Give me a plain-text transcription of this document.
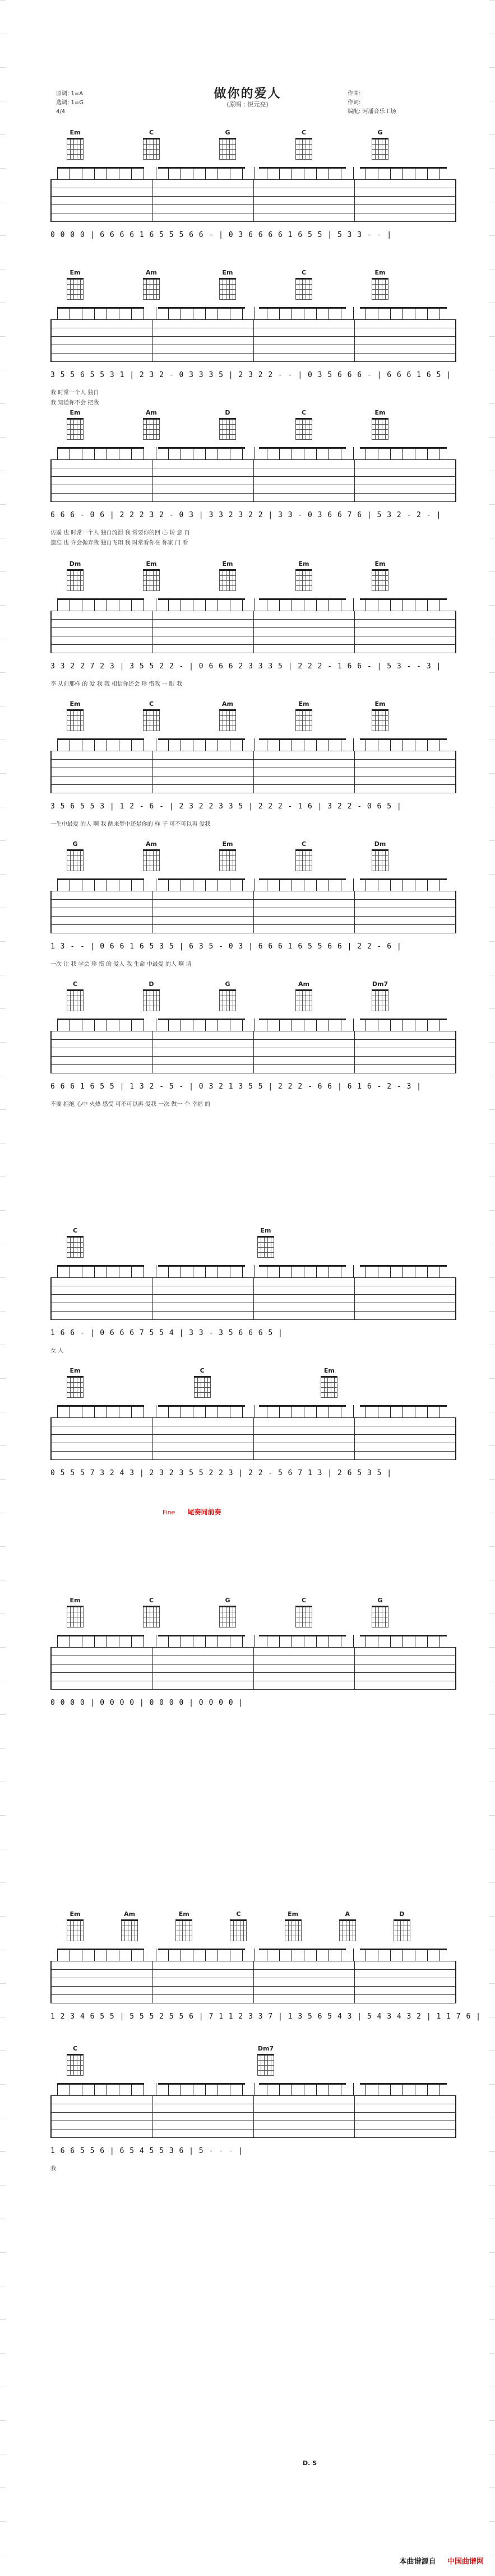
做你的爱人
(原唱 : 悦元亮)
原调: 1=A
选调: 1=G
4/4
作曲:
作词:
编配: 阿潘音乐工场
Em	C	G	C	G
0 0 0 0 | 6 6 6 6 1 6 5 5 5 6 6 - | 0 3 6 6 6 6 1 6 5 5 | 5 3 3 - - |
Em	Am	Em	C	Em
3 5 5 6 5 5 3 1 | 2 3 2 - 0 3 3 3 5 | 2 3 2 2 - - | 0 3 5 6 6 6 - | 6 6 6 1 6 5 |
我 时常一个人 独自
我 知道你不会 把我
Em	Am	D	C	Em
6 6 6 - 0 6 | 2 2 2 3 2 - 0 3 | 3 3 2 3 2 2 | 3 3 - 0 3 6 6 7 6 | 5 3 2 - 2 - |
访遥 也 时常一个人 独自流泪 我 常要你的回 心 转 意 再
遗忘 也 许会抛弃我 独自飞翔 我 时常看你在 你家 门 看
Dm	Em	Em	Em	Em
3 3 2 2 7 2 3 | 3 5 5 2 2 - | 0 6 6 6 2 3 3 3 5 | 2 2 2 - 1 6 6 - | 5 3 - - 3 |
李 从前那样 的 爱 我 我 相信你还会 珍 惜我 一 眼 我
Em	C	Am	Em	Em
3 5 6 5 5 3 | 1 2 - 6 - | 2 3 2 2 3 3 5 | 2 2 2 - 1 6 | 3 2 2 - 0 6 5 |
一生中最爱 的人 啊 我 醒来梦中还是你的 样 子 可不可以再 爱我
G	Am	Em	C	Dm
1 3 - - | 0 6 6 1 6 5 3 5 | 6 3 5 - 0 3 | 6 6 6 1 6 5 5 6 6 | 2 2 - 6 |
一次 让 我 学会 珍 惜 的 爱人 我 生命 中最爱 的人 啊 请
C	D	G	Am	Dm7
6 6 6 1 6 5 5 | 1 3 2 - 5 - | 0 3 2 1 3 5 5 | 2 2 2 - 6 6 | 6 1 6 - 2 - 3 |
不要 拒绝 心中 火热 感受 可不可以再 爱我 一次 做一 个 幸福 的
C	Em
1 6 6 - | 0 6 6 6 7 5 5 4 | 3 3 - 3 5 6 6 6 5 |
女 人
Em	C	Em
0 5 5 5 7 3 2 4 3 | 2 3 2 3 5 5 2 2 3 | 2 2 - 5 6 7 1 3 | 2 6 5 3 5 |
Em	C	G	C	G
0 0 0 0 | 0 0 0 0 | 0 0 0 0 | 0 0 0 0 |
Em	Am	Em	C	Em	A	D
1 2 3 4 6 5 5 | 5 5 5 2 5 5 6 | 7 1 1 2 3 3 7 | 1 3 5 6 5 4 3 | 5 4 3 4 3 2 | 1 1 7 6 |
C	Dm7
1 6 6 5 5 6 | 6 5 4 5 5 3 6 | 5 - - - |
我
Fine 尾奏同前奏
D. S
本曲谱源自 中国曲谱网
